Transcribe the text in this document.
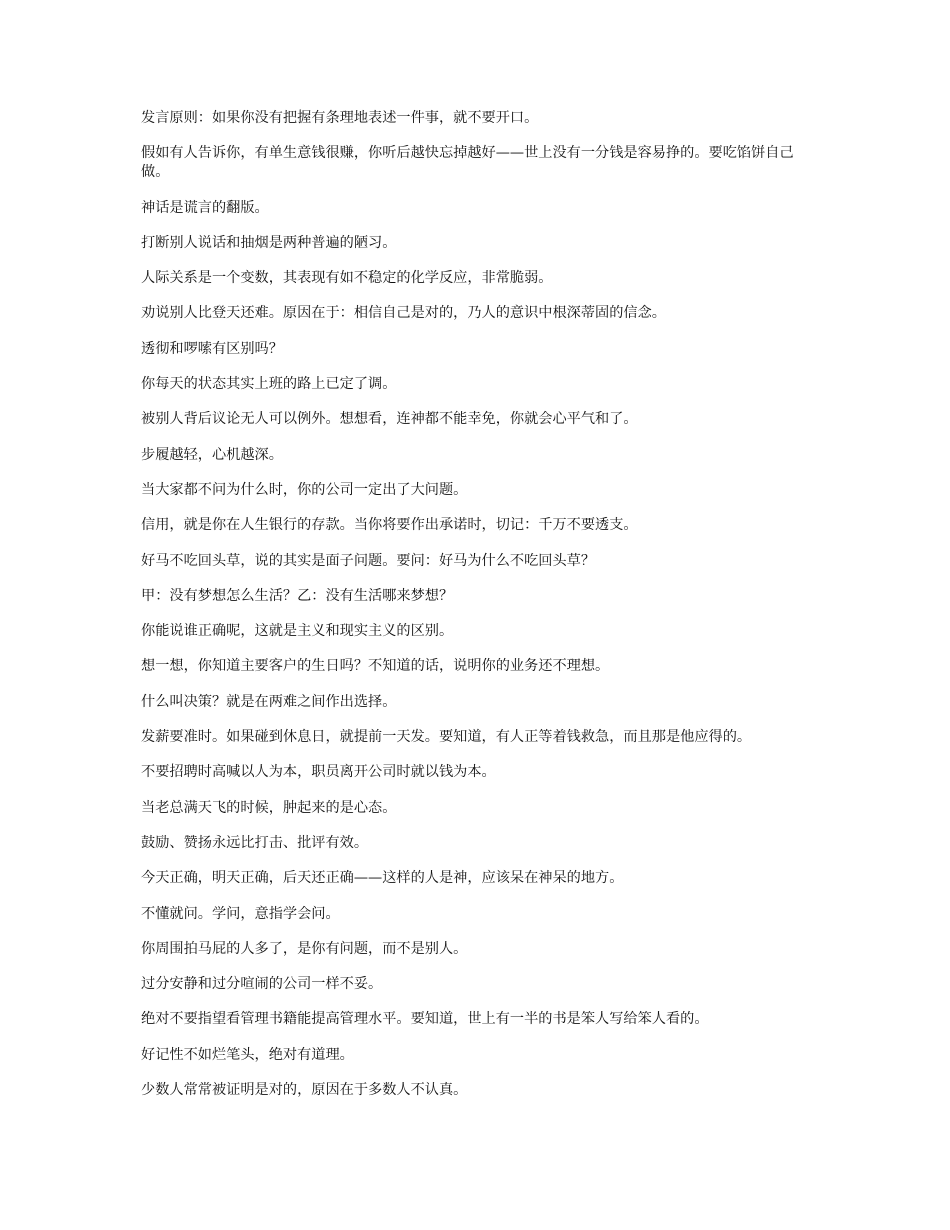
发言原则：如果你没有把握有条理地表述一件事，就不要开口。

假如有人告诉你，有单生意钱很赚，你听后越快忘掉越好——世上没有一分钱是容易挣的。要吃馅饼自己做。

神话是谎言的翻版。

打断别人说话和抽烟是两种普遍的陋习。

人际关系是一个变数，其表现有如不稳定的化学反应，非常脆弱。

劝说别人比登天还难。原因在于：相信自己是对的，乃人的意识中根深蒂固的信念。

透彻和啰嗦有区别吗？

你每天的状态其实上班的路上已定了调。

被别人背后议论无人可以例外。想想看，连神都不能幸免，你就会心平气和了。

步履越轻，心机越深。

当大家都不问为什么时，你的公司一定出了大问题。

信用，就是你在人生银行的存款。当你将要作出承诺时，切记：千万不要透支。

好马不吃回头草，说的其实是面子问题。要问：好马为什么不吃回头草？

甲：没有梦想怎么生活？乙：没有生活哪来梦想？

你能说谁正确呢，这就是主义和现实主义的区别。

想一想，你知道主要客户的生日吗？不知道的话，说明你的业务还不理想。

什么叫决策？就是在两难之间作出选择。

发薪要准时。如果碰到休息日，就提前一天发。要知道，有人正等着钱救急，而且那是他应得的。

不要招聘时高喊以人为本，职员离开公司时就以钱为本。

当老总满天飞的时候，肿起来的是心态。

鼓励、赞扬永远比打击、批评有效。

今天正确，明天正确，后天还正确——这样的人是神，应该呆在神呆的地方。

不懂就问。学问，意指学会问。

你周围拍马屁的人多了，是你有问题，而不是别人。

过分安静和过分喧闹的公司一样不妥。

绝对不要指望看管理书籍能提高管理水平。要知道，世上有一半的书是笨人写给笨人看的。

好记性不如烂笔头，绝对有道理。

少数人常常被证明是对的，原因在于多数人不认真。
